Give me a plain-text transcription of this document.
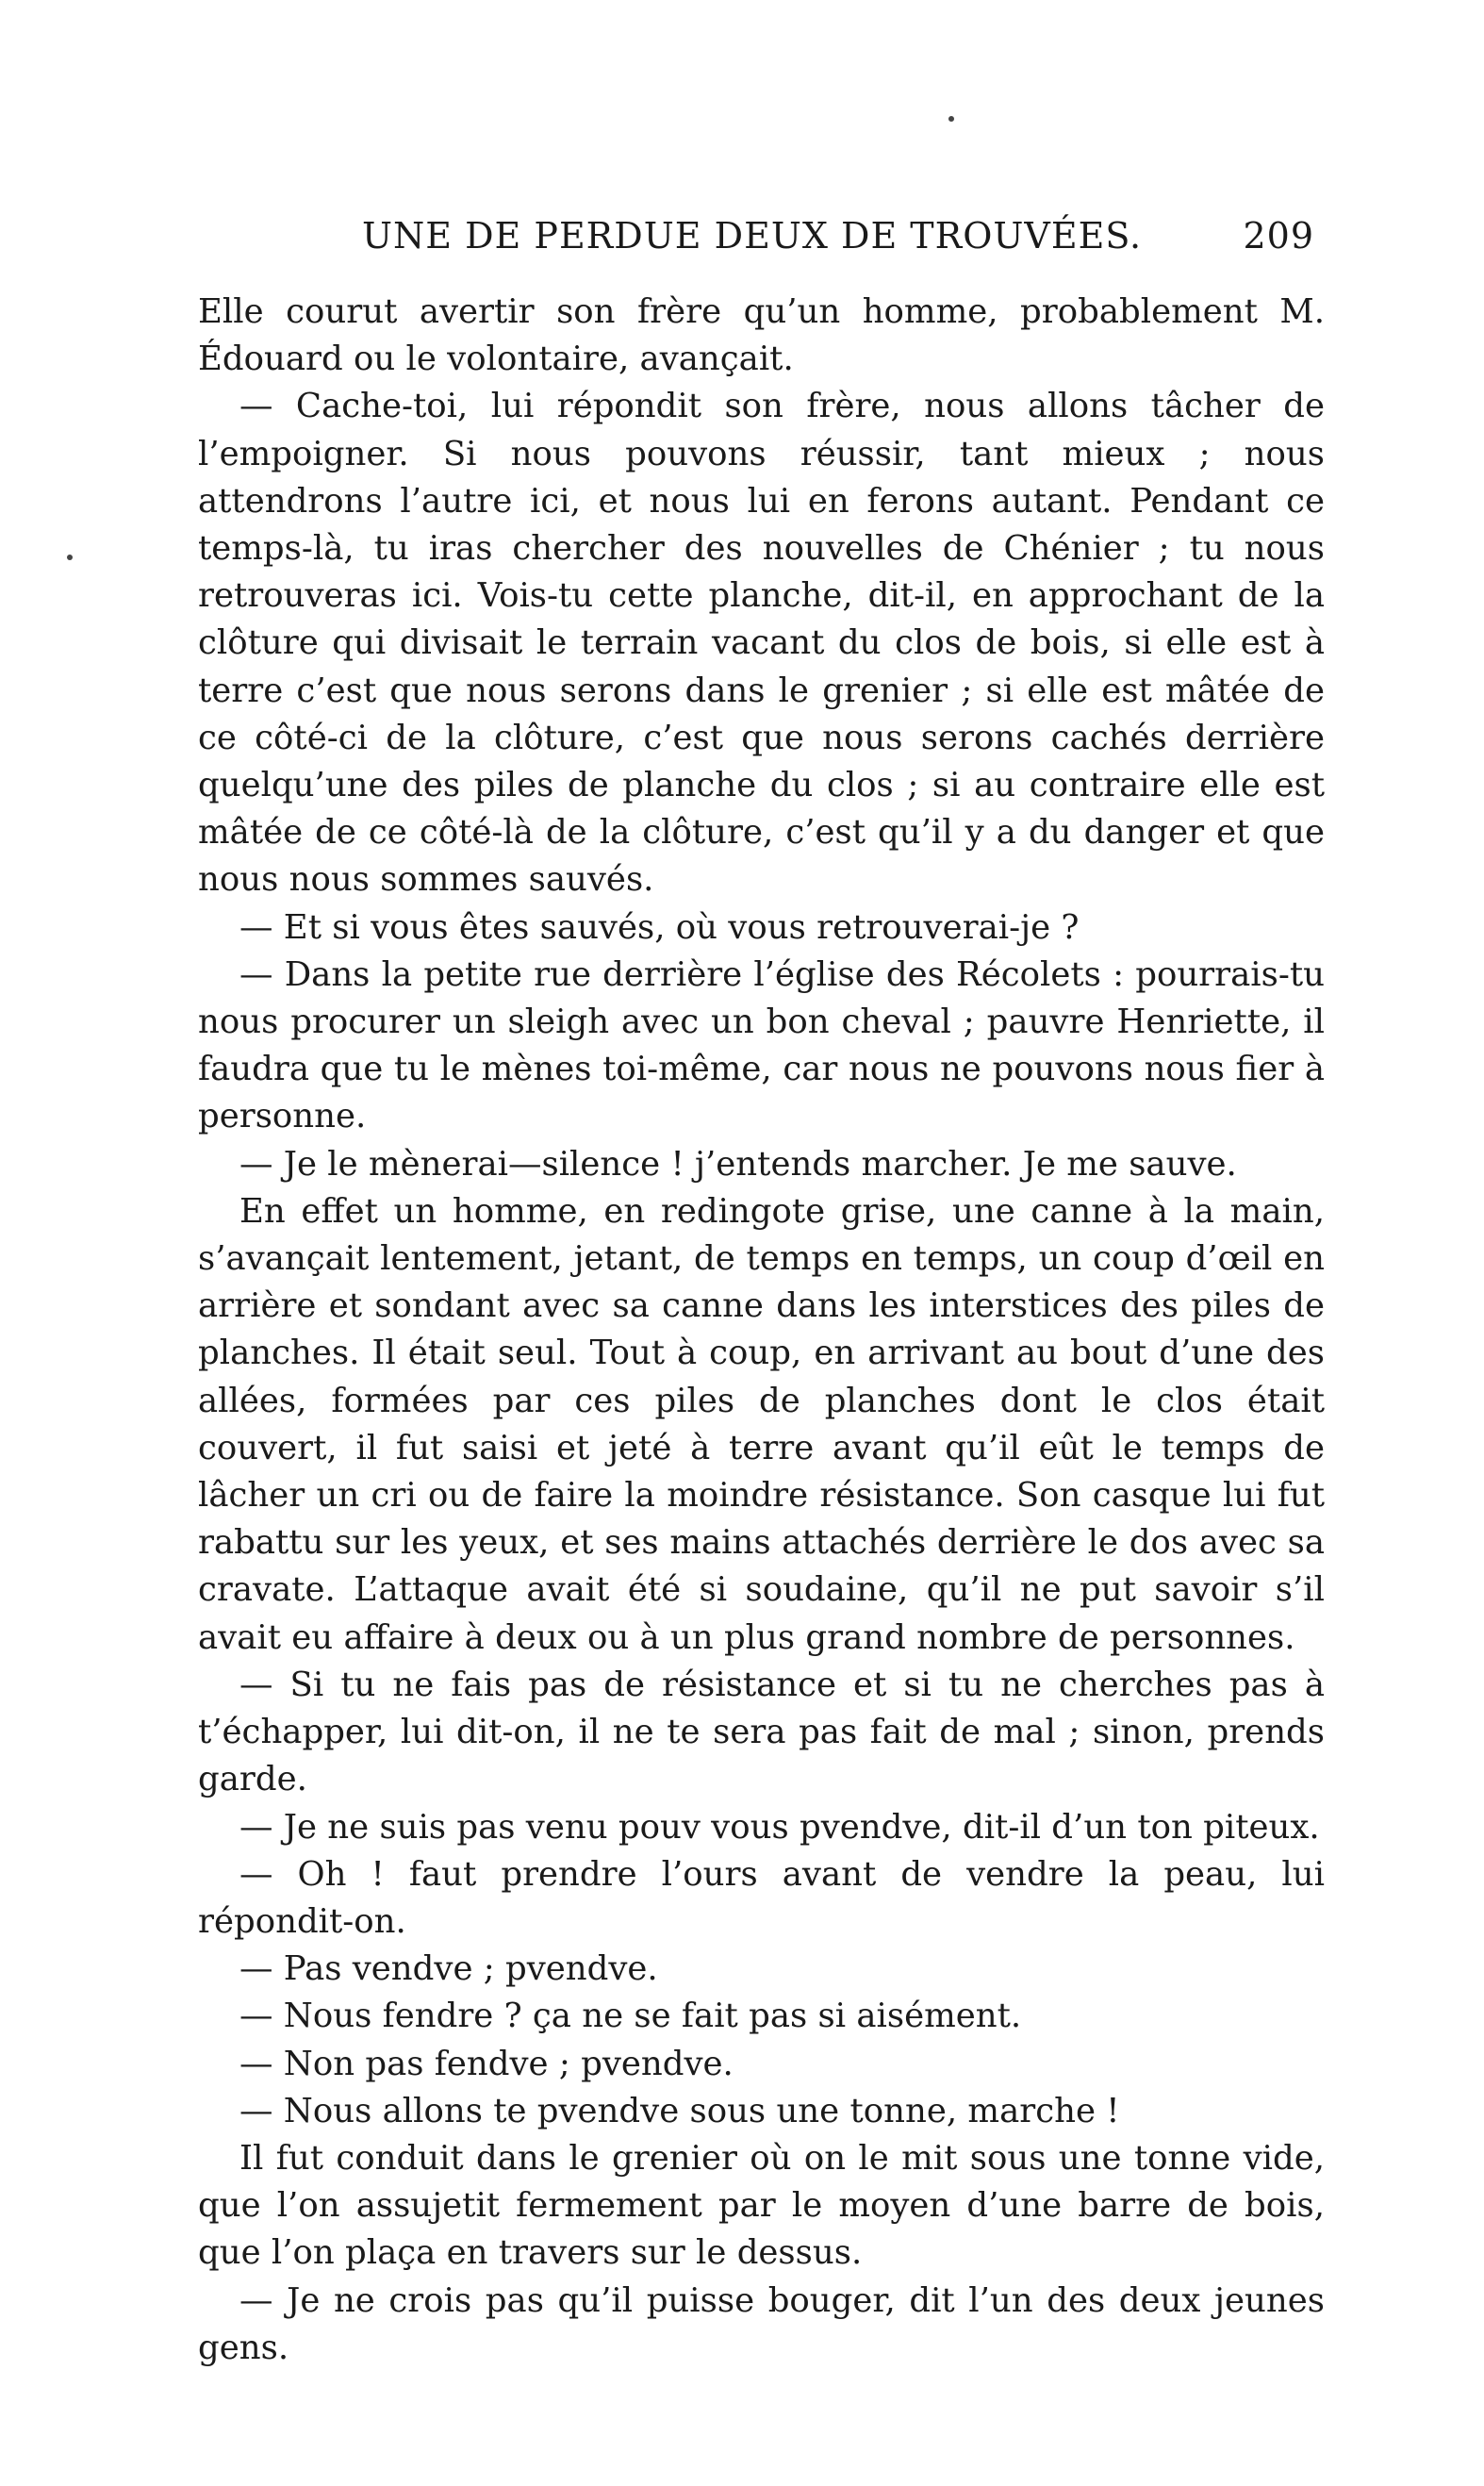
UNE DE PERDUE DEUX DE TROUVÉES.	209

Elle courut avertir son frère qu’un homme, probablement M. Édouard ou le volontaire, avançait.

— Cache-toi, lui répondit son frère, nous allons tâcher de l’empoigner. Si nous pouvons réussir, tant mieux ; nous attendrons l’autre ici, et nous lui en ferons autant. Pendant ce temps-là, tu iras chercher des nouvelles de Chénier ; tu nous retrouveras ici. Vois-tu cette planche, dit-il, en approchant de la clôture qui divisait le terrain vacant du clos de bois, si elle est à terre c’est que nous serons dans le grenier ; si elle est mâtée de ce côté-ci de la clôture, c’est que nous serons cachés derrière quelqu’une des piles de planche du clos ; si au contraire elle est mâtée de ce côté-là de la clôture, c’est qu’il y a du danger et que nous nous sommes sauvés.

— Et si vous êtes sauvés, où vous retrouverai-je ?

— Dans la petite rue derrière l’église des Récolets : pourrais-tu nous procurer un sleigh avec un bon cheval ; pauvre Henriette, il faudra que tu le mènes toi-même, car nous ne pouvons nous fier à personne.

— Je le mènerai—silence ! j’entends marcher. Je me sauve.

En effet un homme, en redingote grise, une canne à la main, s’avançait lentement, jetant, de temps en temps, un coup d’œil en arrière et sondant avec sa canne dans les interstices des piles de planches. Il était seul. Tout à coup, en arrivant au bout d’une des allées, formées par ces piles de planches dont le clos était couvert, il fut saisi et jeté à terre avant qu’il eût le temps de lâcher un cri ou de faire la moindre résistance. Son casque lui fut rabattu sur les yeux, et ses mains attachés derrière le dos avec sa cravate. L’attaque avait été si soudaine, qu’il ne put savoir s’il avait eu affaire à deux ou à un plus grand nombre de personnes.

— Si tu ne fais pas de résistance et si tu ne cherches pas à t’échapper, lui dit-on, il ne te sera pas fait de mal ; sinon, prends garde.

— Je ne suis pas venu pouv vous pvendve, dit-il d’un ton piteux.

— Oh ! faut prendre l’ours avant de vendre la peau, lui répondit-on.

— Pas vendve ; pvendve.

— Nous fendre ? ça ne se fait pas si aisément.

— Non pas fendve ; pvendve.

— Nous allons te pvendve sous une tonne, marche !

Il fut conduit dans le grenier où on le mit sous une tonne vide, que l’on assujetit fermement par le moyen d’une barre de bois, que l’on plaça en travers sur le dessus.

— Je ne crois pas qu’il puisse bouger, dit l’un des deux jeunes gens.
